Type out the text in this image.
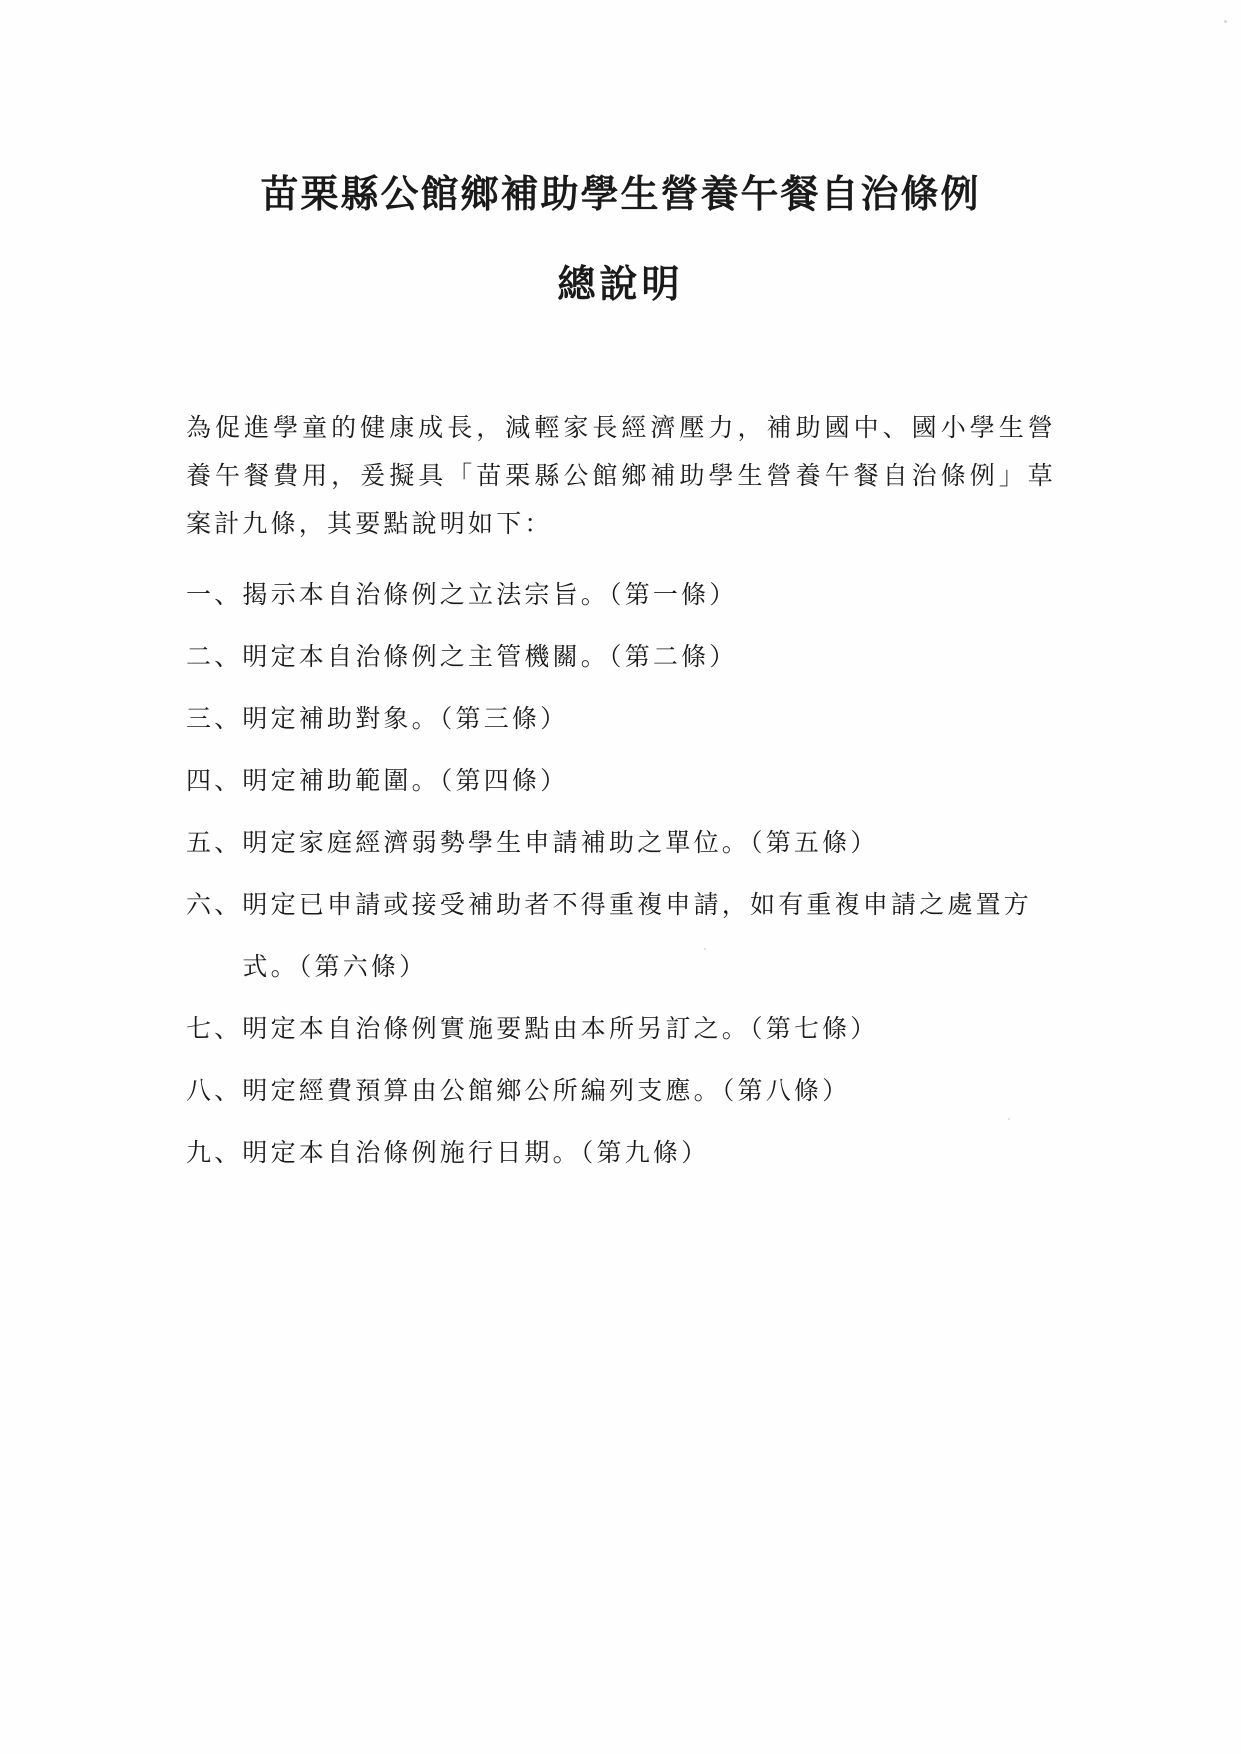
苗栗縣公館鄉補助學生營養午餐自治條例
總說明

為促進學童的健康成長，減輕家長經濟壓力，補助國中、國小學生營養午餐費用，爰擬具「苗栗縣公館鄉補助學生營養午餐自治條例」草案計九條，其要點說明如下：

一、 揭示本自治條例之立法宗旨。（第一條）
二、 明定本自治條例之主管機關。（第二條）
三、 明定補助對象。（第三條）
四、 明定補助範圍。（第四條）
五、 明定家庭經濟弱勢學生申請補助之單位。（第五條）
六、 明定已申請或接受補助者不得重複申請，如有重複申請之處置方式。（第六條）
七、 明定本自治條例實施要點由本所另訂之。（第七條）
八、 明定經費預算由公館鄉公所編列支應。（第八條）
九、 明定本自治條例施行日期。（第九條）
